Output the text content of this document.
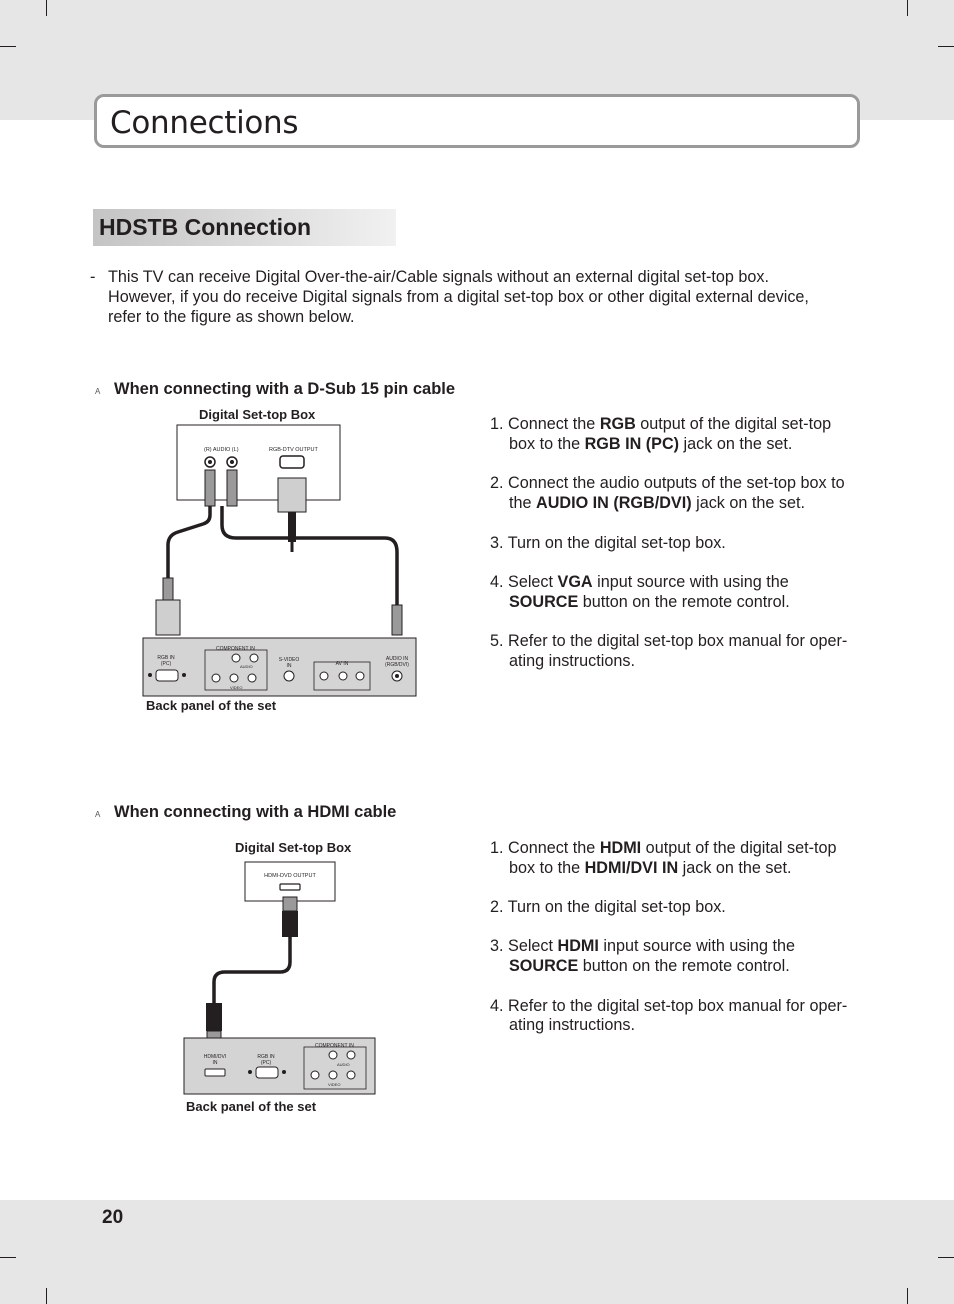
Connections
HDSTB Connection
- This TV can receive Digital Over-the-air/Cable signals without an external digital set-top box.
However, if you do receive Digital signals from a digital set-top box or other digital external device,
refer to the figure as shown below.
A When connecting with a D-Sub 15 pin cable
Digital Set-top Box
Back panel of the set
(R) AUDIO (L)	RGB-DTV OUTPUT
RGB IN
(PC)
COMPONENT IN
AUDIO
VIDEO
S-VIDEO
IN	AV IN
AUDIO IN
(RGB/DVI)
1. Connect the RGB output of the digital set-top
box to the RGB IN (PC) jack on the set.
2. Connect the audio outputs of the set-top box to
the AUDIO IN (RGB/DVI) jack on the set.
3. Turn on the digital set-top box.
4. Select VGA input source with using the
SOURCE button on the remote control.
5. Refer to the digital set-top box manual for oper-
ating instructions.
A When connecting with a HDMI cable
Digital Set-top Box
Back panel of the set
HDMI-DVD OUTPUT
HDMI/DVI
IN
RGB IN
(PC)
COMPONENT IN
AUDIO
VIDEO
1. Connect the HDMI output of the digital set-top
box to the HDMI/DVI IN jack on the set.
2. Turn on the digital set-top box.
3. Select HDMI input source with using the
SOURCE button on the remote control.
4. Refer to the digital set-top box manual for oper-
ating instructions.
20
